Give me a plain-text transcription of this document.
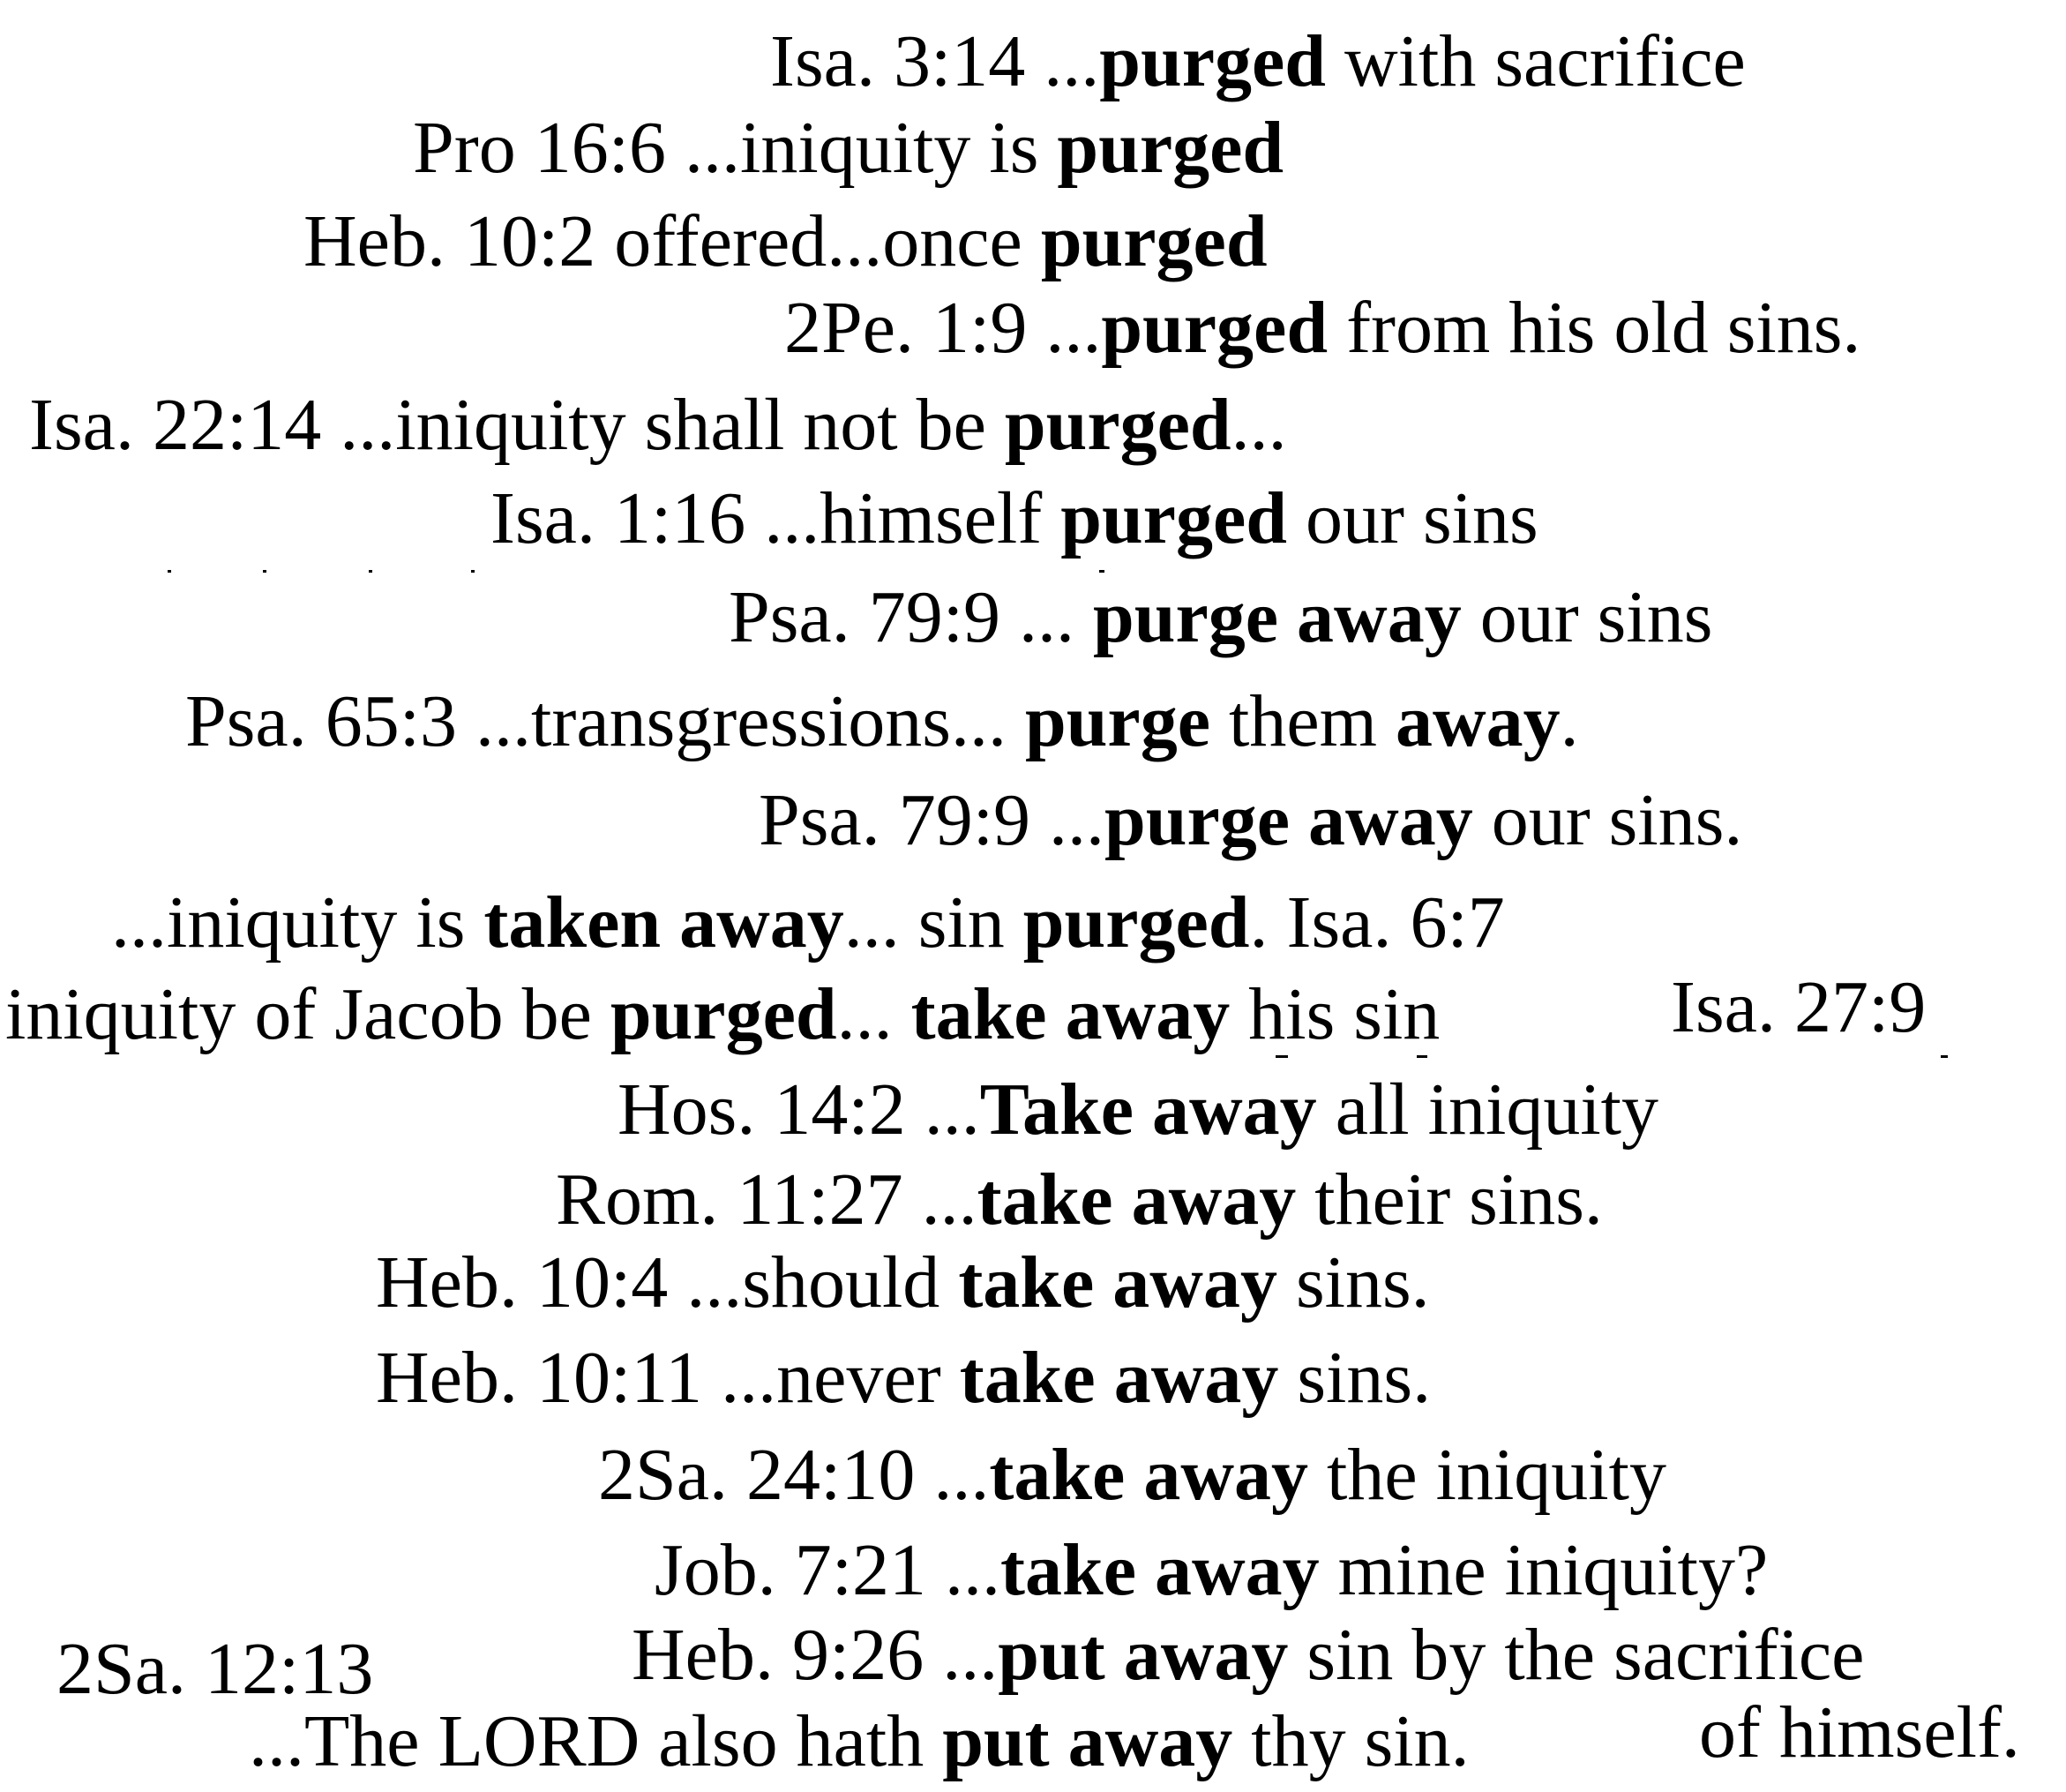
Isa. 3:14 ...purged with sacrifice
Pro 16:6 ...iniquity is purged
Heb. 10:2 offered...once purged
2Pe. 1:9 ...purged from his old sins.
Isa. 22:14 ...iniquity shall not be purged...
Isa. 1:16 ...himself purged our sins
Psa. 79:9 ... purge away our sins
Psa. 65:3 ...transgressions... purge them away.
Psa. 79:9 ...purge away our sins.
...iniquity is taken away... sin purged. Isa. 6:7
iniquity of Jacob be purged... take away his sin	Isa. 27:9
Hos. 14:2 ...Take away all iniquity
Rom. 11:27 ...take away their sins.
Heb. 10:4 ...should take away sins.
Heb. 10:11 ...never take away sins.
2Sa. 24:10 ...take away the iniquity
Job. 7:21 ...take away mine iniquity?
2Sa. 12:13	Heb. 9:26 ...put away sin by the sacrifice
...The LORD also hath put away thy sin.	of himself.
